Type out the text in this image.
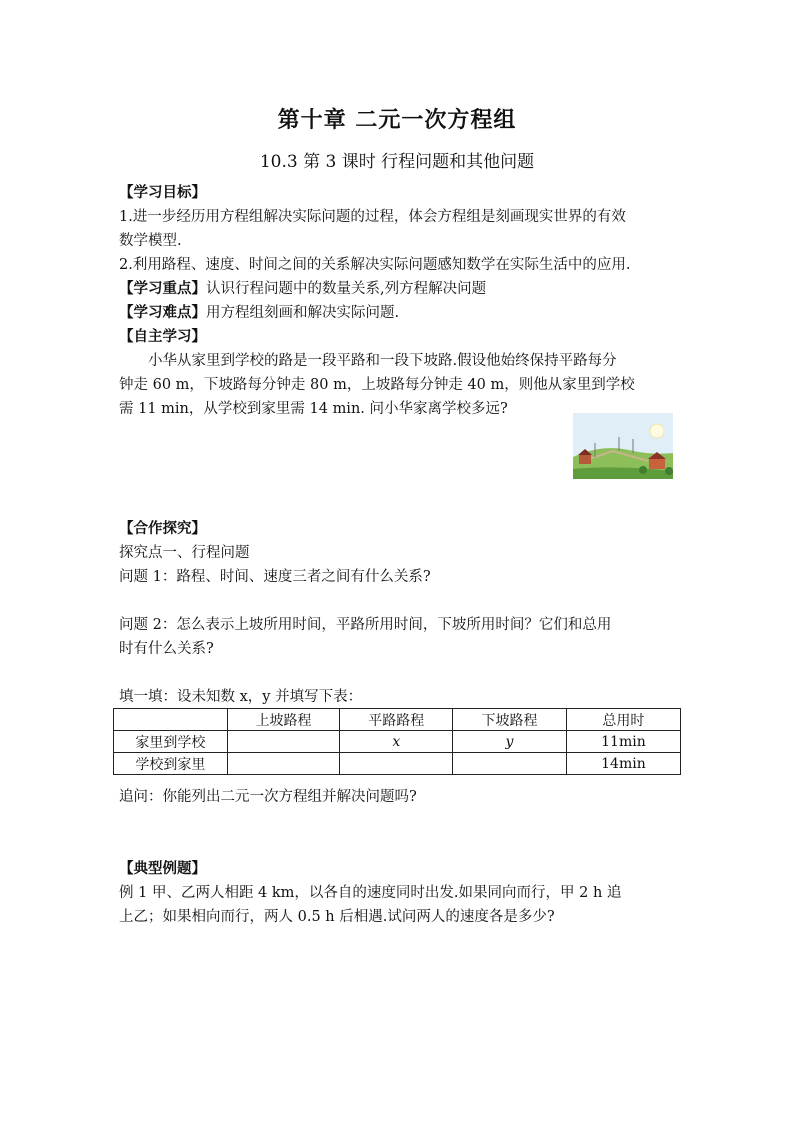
第十章 二元一次方程组
10.3 第 3 课时 行程问题和其他问题
【学习目标】
1.进一步经历用方程组解决实际问题的过程，体会方程组是刻画现实世界的有效
数学模型.
2.利用路程、速度、时间之间的关系解决实际问题感知数学在实际生活中的应用.
【学习重点】认识行程问题中的数量关系,列方程解决问题
【学习难点】用方程组刻画和解决实际问题.
【自主学习】
小华从家里到学校的路是一段平路和一段下坡路.假设他始终保持平路每分
钟走 60 m，下坡路每分钟走 80 m，上坡路每分钟走 40 m，则他从家里到学校
需 11 min，从学校到家里需 14 min. 问小华家离学校多远?
【合作探究】
探究点一、行程问题
问题 1：路程、时间、速度三者之间有什么关系?
问题 2：怎么表示上坡所用时间，平路所用时间，下坡所用时间？它们和总用
时有什么关系?
填一填：设未知数 x，y 并填写下表：
	上坡路程	平路路程	下坡路程	总用时
家里到学校		x	y	11min
学校到家里				14min
追问：你能列出二元一次方程组并解决问题吗?
【典型例题】
例 1 甲、乙两人相距 4 km，以各自的速度同时出发.如果同向而行，甲 2 h 追
上乙；如果相向而行，两人 0.5 h 后相遇.试问两人的速度各是多少?
